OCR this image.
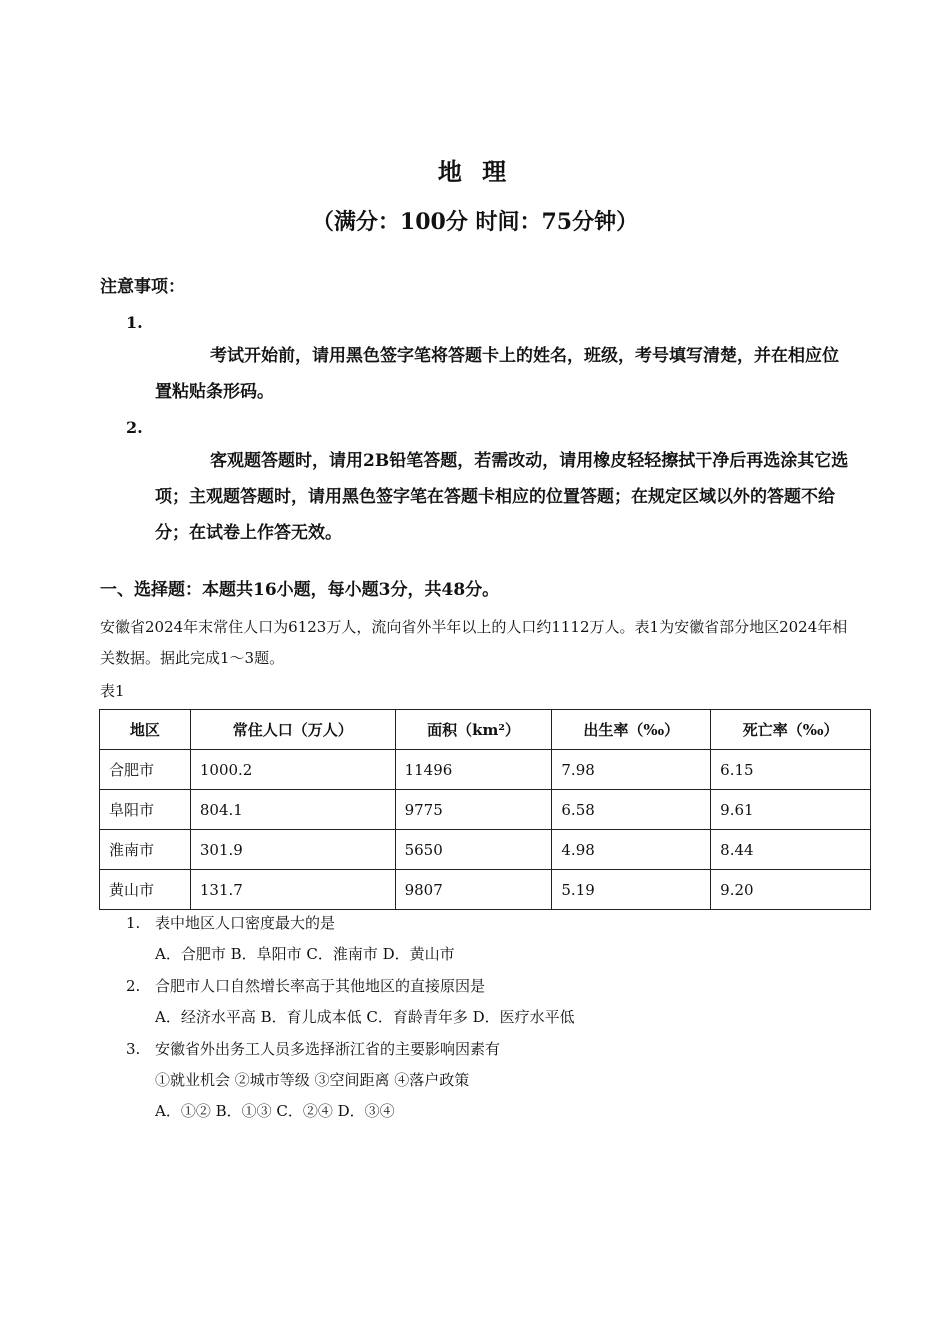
地 理
（满分：100分 时间：75分钟）
注意事项：
1.
考试开始前，请用黑色签字笔将答题卡上的姓名，班级，考号填写清楚，并在相应位置粘贴条形码。
2.
客观题答题时，请用2B铅笔答题，若需改动，请用橡皮轻轻擦拭干净后再选涂其它选项；主观题答题时，请用黑色签字笔在答题卡相应的位置答题；在规定区域以外的答题不给分；在试卷上作答无效。
一、选择题：本题共16小题，每小题3分，共48分。
安徽省2024年末常住人口为6123万人，流向省外半年以上的人口约1112万人。表1为安徽省部分地区2024年相关数据。据此完成1～3题。
表1
地区	常住人口（万人）	面积（km²）	出生率（‰）	死亡率（‰）
合肥市	1000.2	11496	7.98	6.15
阜阳市	804.1	9775	6.58	9.61
淮南市	301.9	5650	4.98	8.44
黄山市	131.7	9807	5.19	9.20
1. 表中地区人口密度最大的是
A．合肥市 B．阜阳市 C．淮南市 D．黄山市
2. 合肥市人口自然增长率高于其他地区的直接原因是
A．经济水平高 B．育儿成本低 C．育龄青年多 D．医疗水平低
3. 安徽省外出务工人员多选择浙江省的主要影响因素有
①就业机会 ②城市等级 ③空间距离 ④落户政策
A．①② B．①③ C．②④ D．③④
